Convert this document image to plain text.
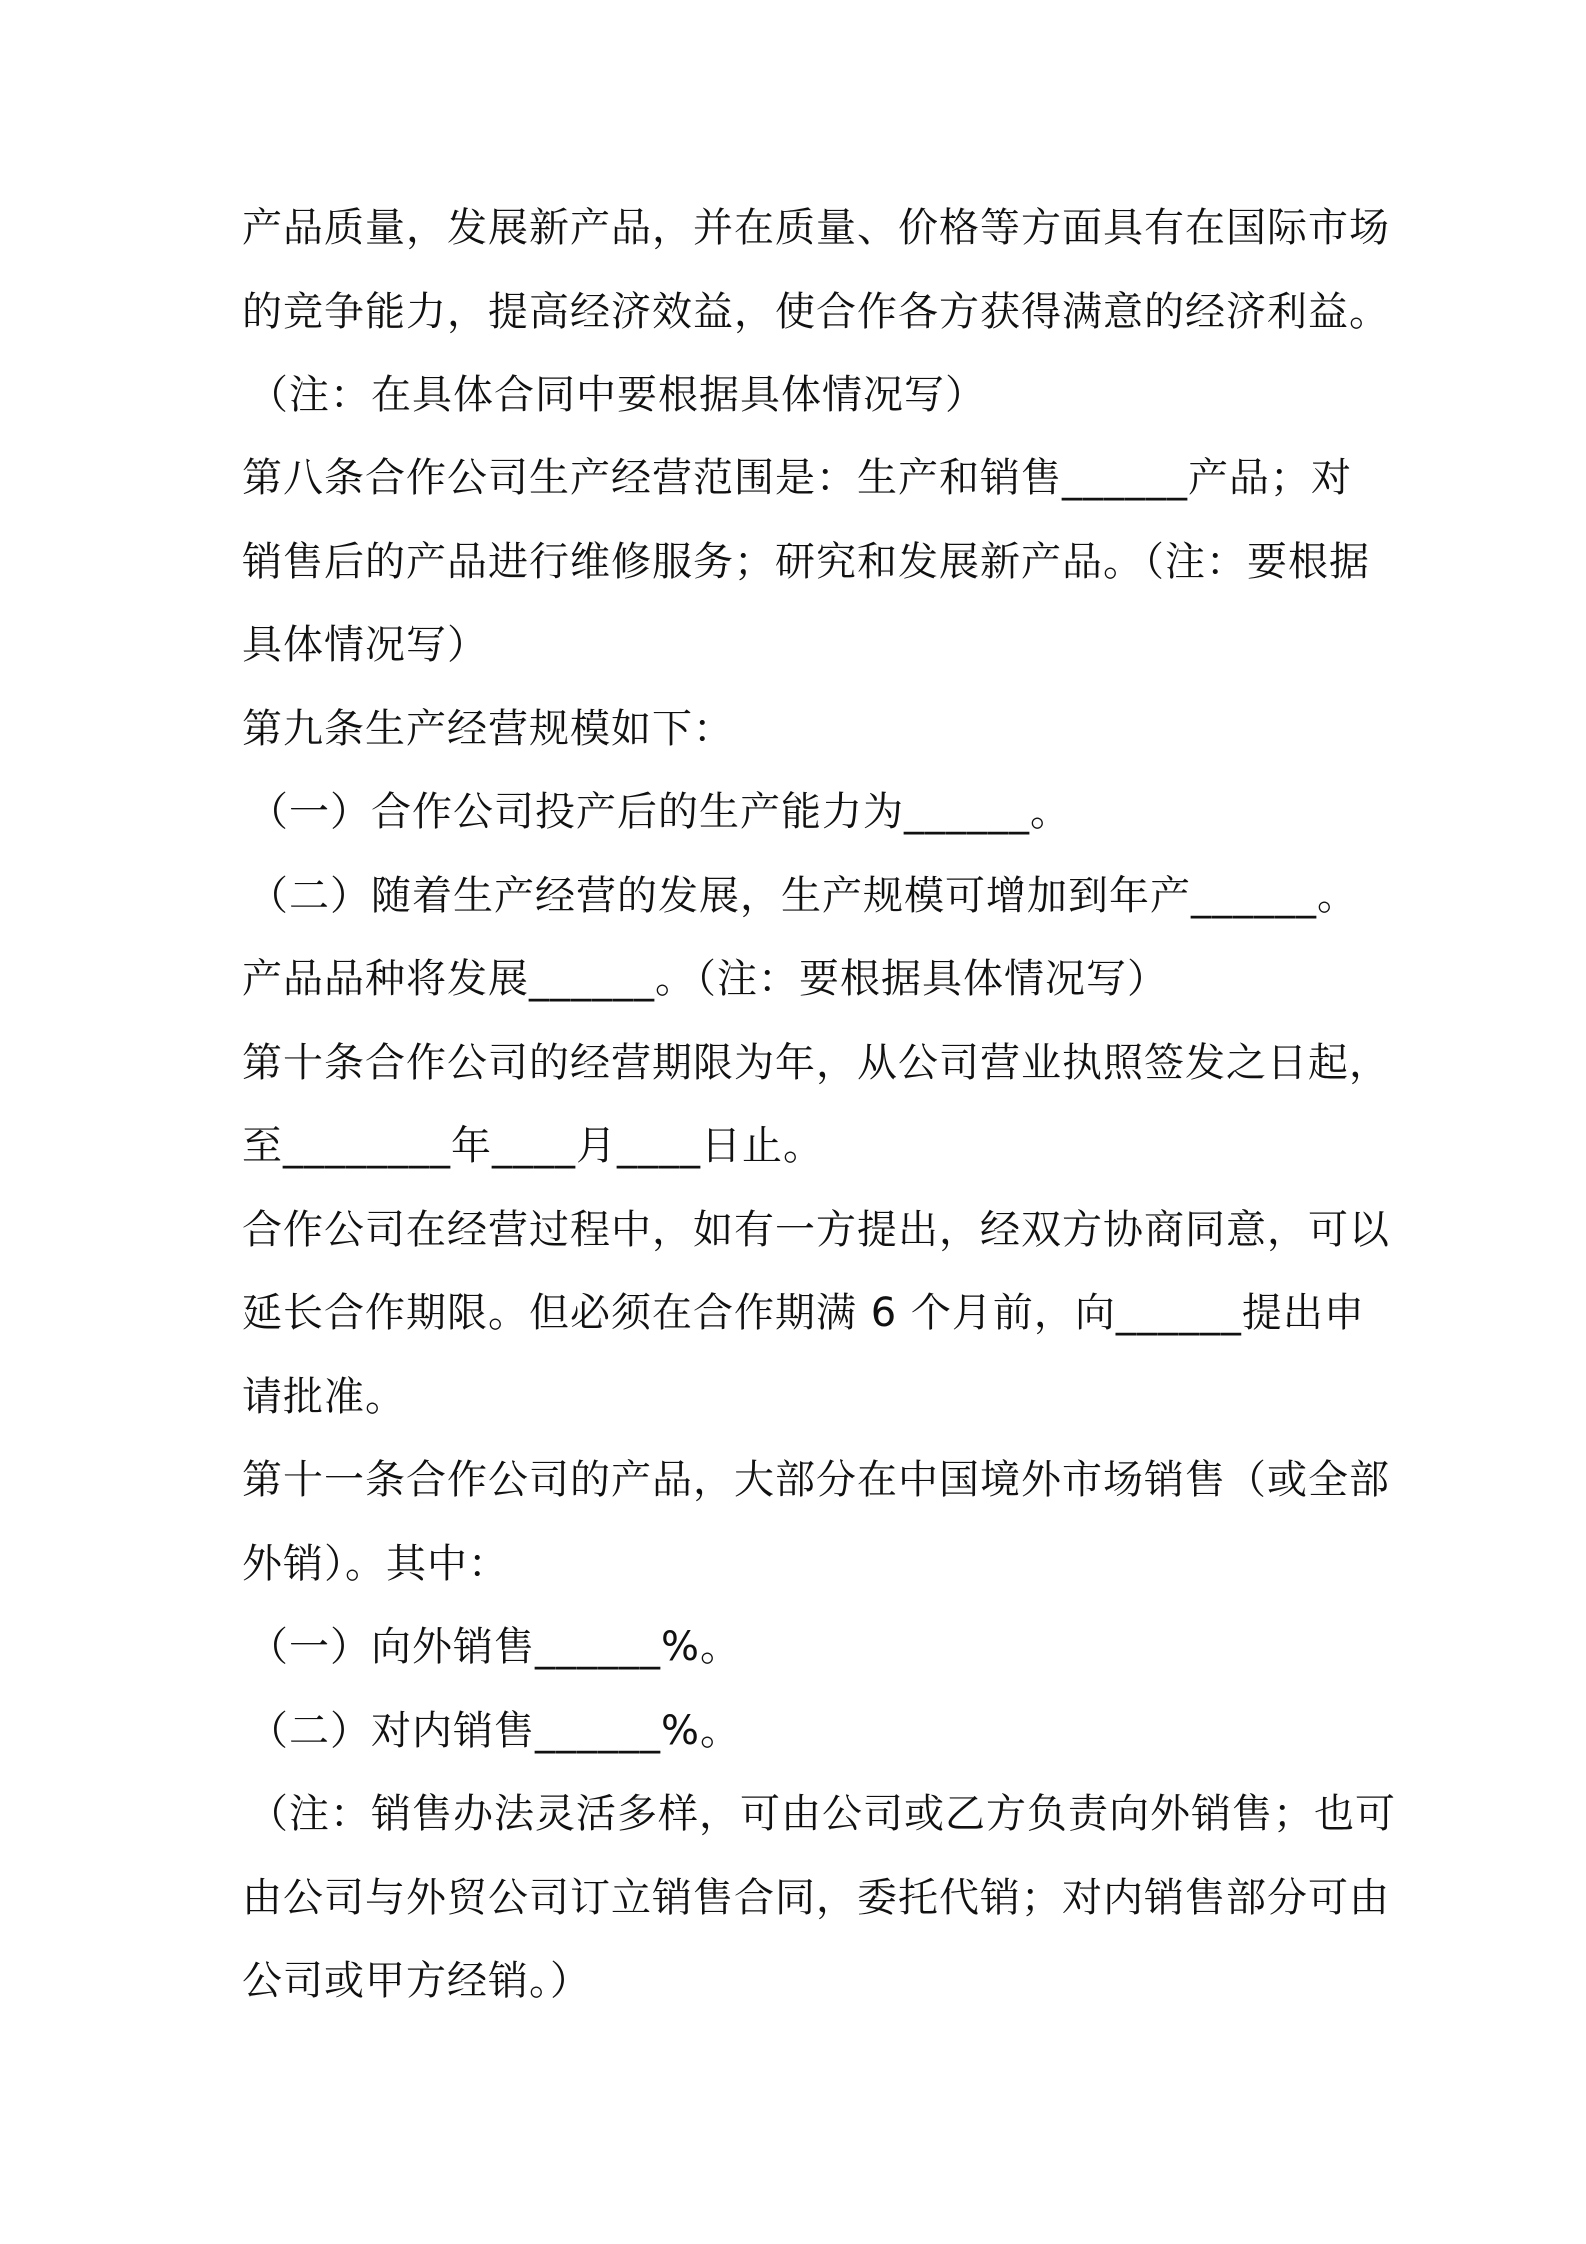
产品质量，发展新产品，并在质量、价格等方面具有在国际市场
的竞争能力，提高经济效益，使合作各方获得满意的经济利益。
（注：在具体合同中要根据具体情况写）
第八条合作公司生产经营范围是：生产和销售______产品；对
销售后的产品进行维修服务；研究和发展新产品。（注：要根据
具体情况写）
第九条生产经营规模如下：
（一）合作公司投产后的生产能力为______。
（二）随着生产经营的发展，生产规模可增加到年产______。
产品品种将发展______。（注：要根据具体情况写）
第十条合作公司的经营期限为年，从公司营业执照签发之日起，
至________年____月____日止。
合作公司在经营过程中，如有一方提出，经双方协商同意，可以
延长合作期限。但必须在合作期满 6 个月前，向______提出申
请批准。
第十一条合作公司的产品，大部分在中国境外市场销售（或全部
外销）。其中：
（一）向外销售______%。
（二）对内销售______%。
（注：销售办法灵活多样，可由公司或乙方负责向外销售；也可
由公司与外贸公司订立销售合同，委托代销；对内销售部分可由
公司或甲方经销。）
